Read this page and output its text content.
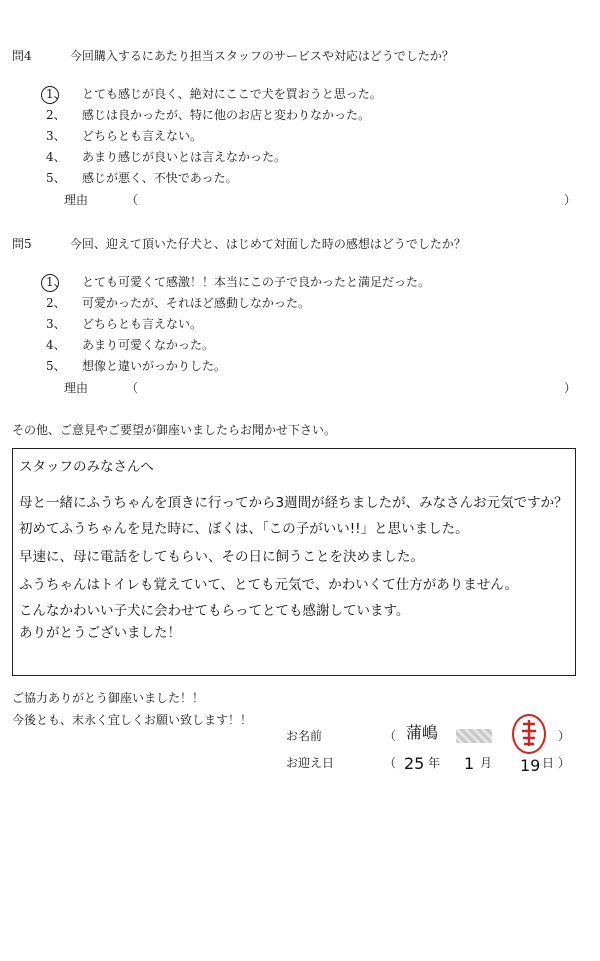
問4	今回購入するにあたり担当スタッフのサービスや対応はどうでしたか？
1、 とても感じが良く、絶対にここで犬を買おうと思った。
2、 感じは良かったが、特に他のお店と変わりなかった。
3、 どちらとも言えない。
4、 あまり感じが良いとは言えなかった。
5、 感じが悪く、不快であった。
理由	（	）
問5	今回、迎えて頂いた仔犬と、はじめて対面した時の感想はどうでしたか？
1、 とても可愛くて感激！！本当にこの子で良かったと満足だった。
2、 可愛かったが、それほど感動しなかった。
3、 どちらとも言えない。
4、 あまり可愛くなかった。
5、 想像と違いがっかりした。
理由	（	）
その他、ご意見やご要望が御座いましたらお聞かせ下さい。
スタッフのみなさんへ
母と一緒にふうちゃんを頂きに行ってから3週間が経ちましたが、みなさんお元気ですか？
初めてふうちゃんを見た時に、ぼくは、「この子がいい!!」と思いました。
早速に、母に電話をしてもらい、その日に飼うことを決めました。
ふうちゃんはトイレも覚えていて、とても元気で、かわいくて仕方がありません。
こんなかわいい子犬に会わせてもらってとても感謝しています。
ありがとうございました！
ご協力ありがとう御座いました！！
今後とも、末永く宜しくお願い致します！！
お名前	（ 蒲嶋	）
お迎え日	（ 25 年 1 月 19 日 ）
